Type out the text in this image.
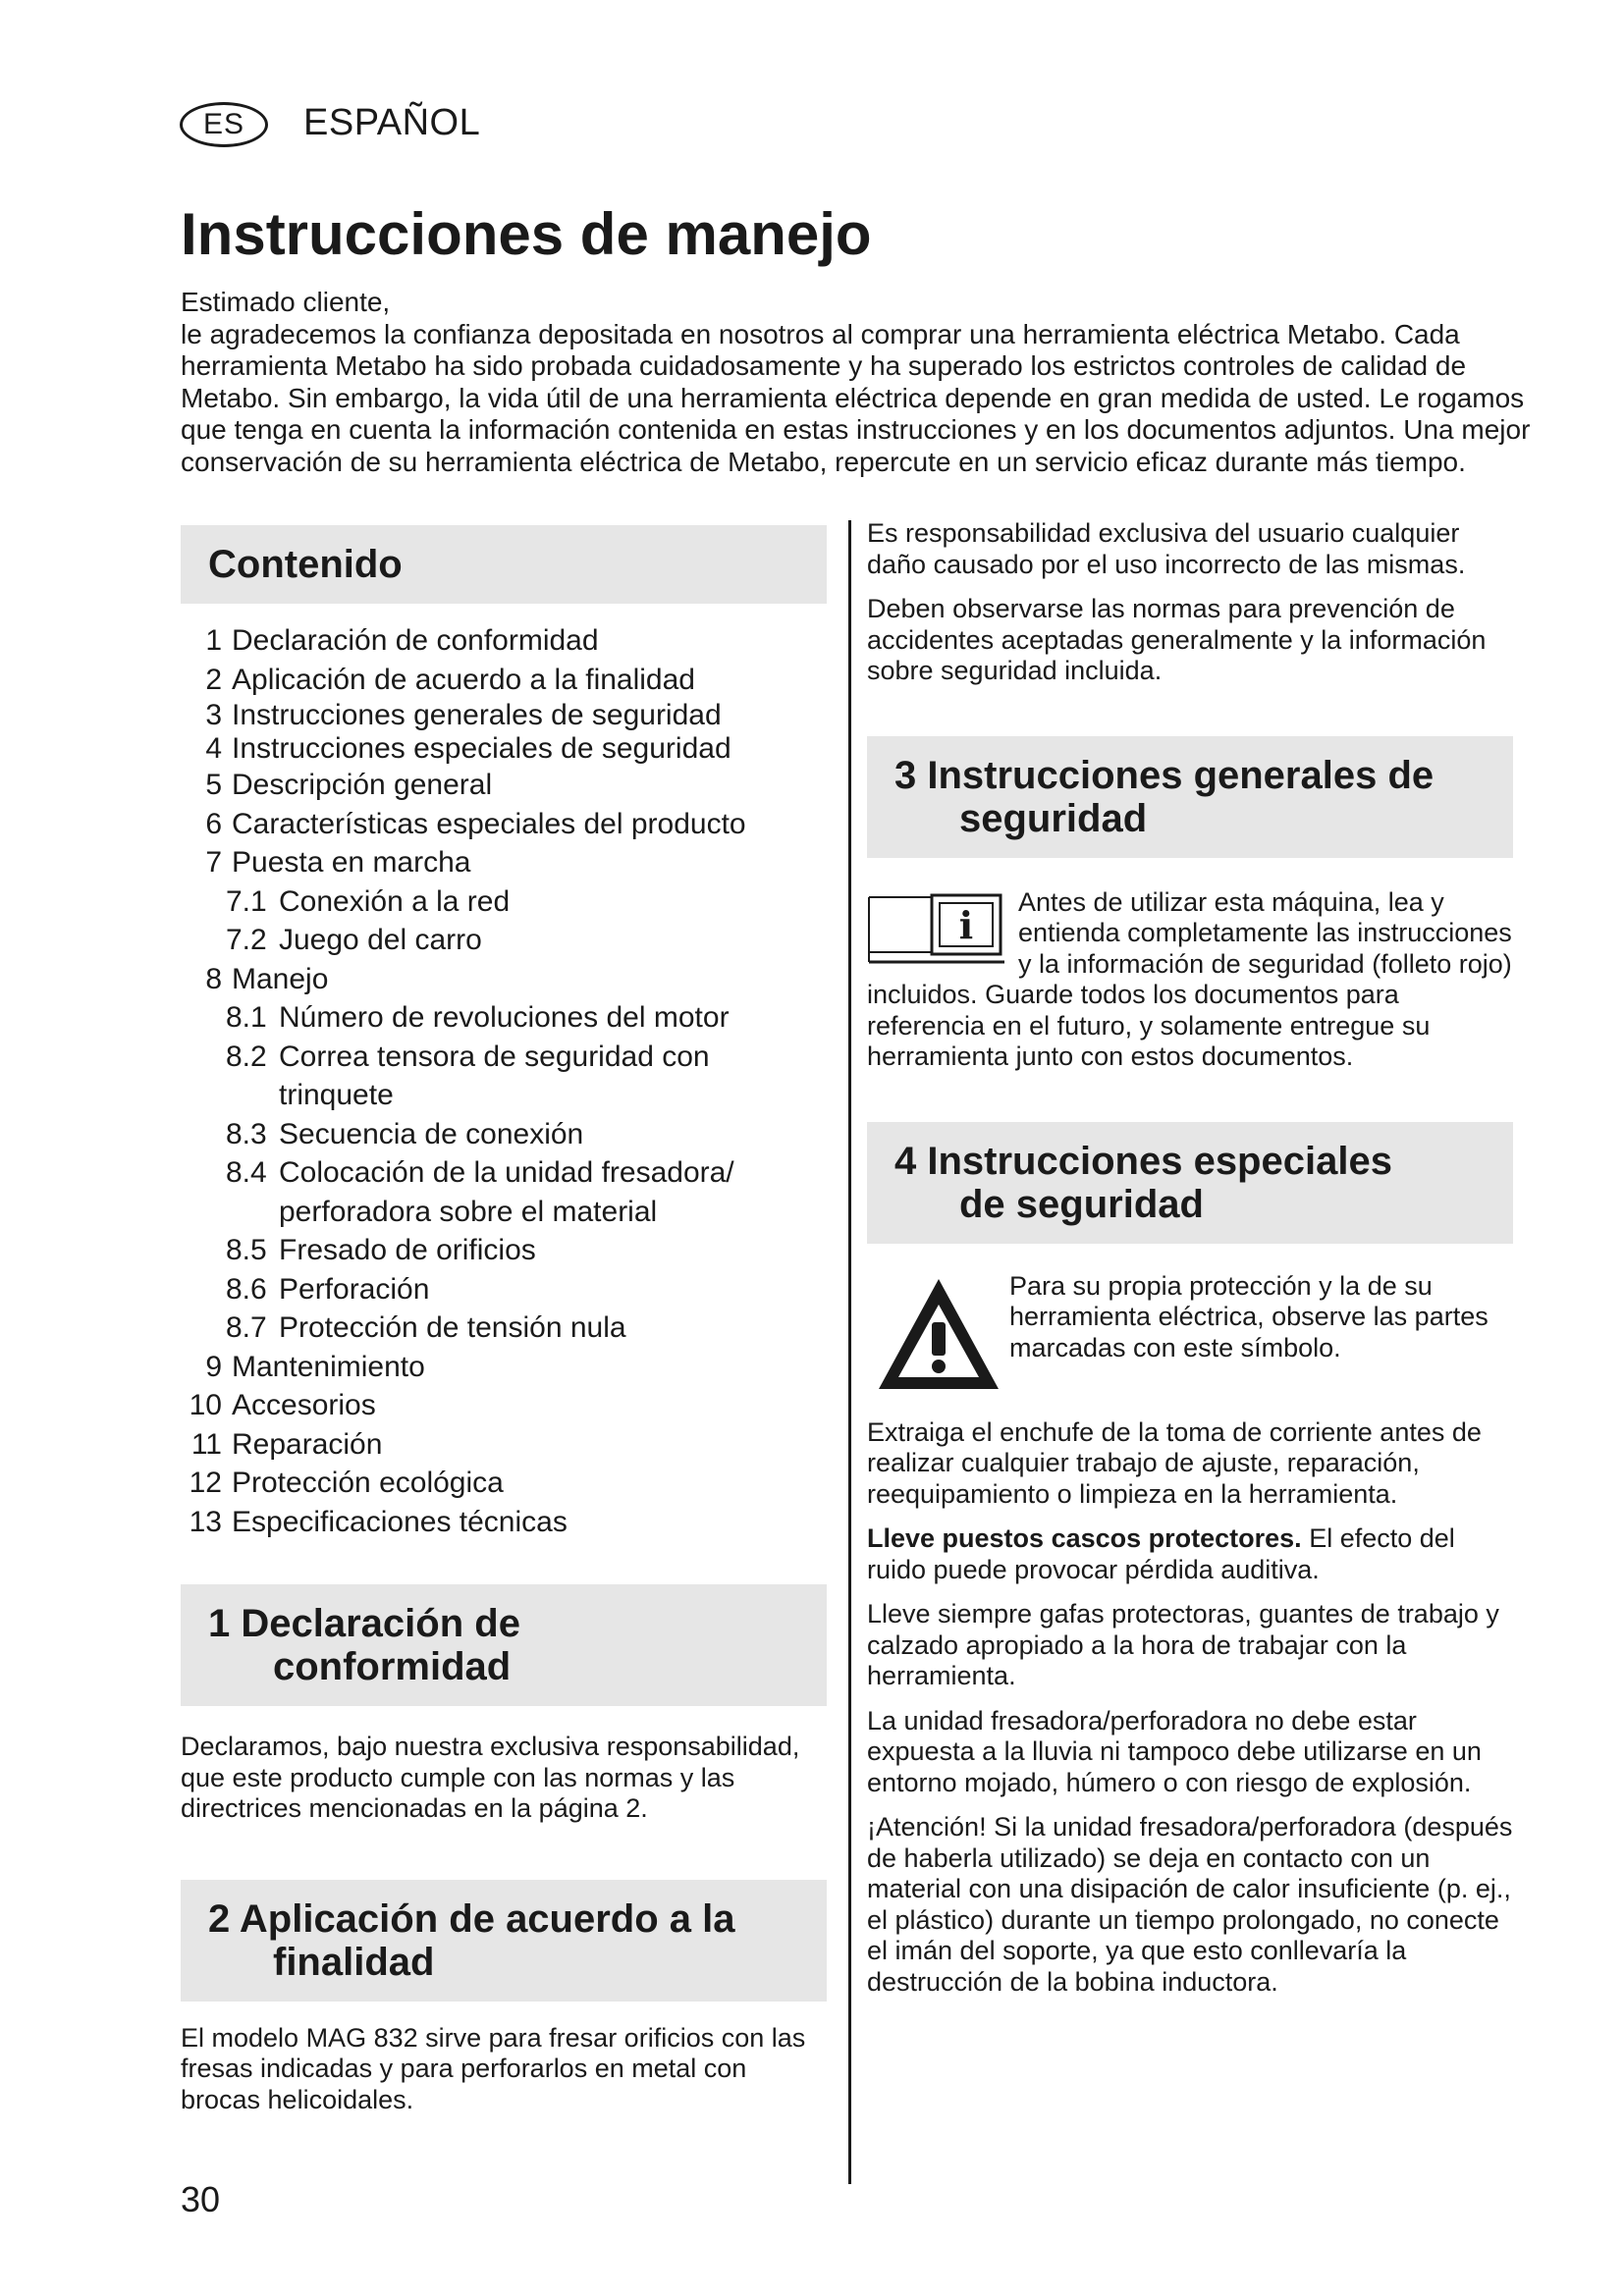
ES	ESPAÑOL
Instrucciones de manejo
Estimado cliente,
le agradecemos la confianza depositada en nosotros al comprar una herramienta eléctrica Metabo. Cada herramienta Metabo ha sido probada cuidadosamente y ha superado los estrictos controles de calidad de Metabo. Sin embargo, la vida útil de una herramienta eléctrica depende en gran medida de usted. Le rogamos que tenga en cuenta la información contenida en estas instrucciones y en los documentos adjuntos. Una mejor conservación de su herramienta eléctrica de Metabo, repercute en un servicio eficaz durante más tiempo.
Contenido
1 Declaración de conformidad
2 Aplicación de acuerdo a la finalidad
3 Instrucciones generales de seguridad
4 Instrucciones especiales de seguridad
5 Descripción general
6 Características especiales del producto
7 Puesta en marcha
7.1 Conexión a la red
7.2 Juego del carro
8 Manejo
8.1 Número de revoluciones del motor
8.2 Correa tensora de seguridad con trinquete
8.3 Secuencia de conexión
8.4 Colocación de la unidad fresadora/ perforadora sobre el material
8.5 Fresado de orificios
8.6 Perforación
8.7 Protección de tensión nula
9 Mantenimiento
10 Accesorios
11 Reparación
12 Protección ecológica
13 Especificaciones técnicas
1 Declaración de
conformidad

Declaramos, bajo nuestra exclusiva responsabilidad, que este producto cumple con las normas y las directrices mencionadas en la página 2.

2 Aplicación de acuerdo a la
finalidad

El modelo MAG 832 sirve para fresar orificios con las fresas indicadas y para perforarlos en metal con brocas helicoidales.

Es responsabilidad exclusiva del usuario cualquier daño causado por el uso incorrecto de las mismas.

Deben observarse las normas para prevención de accidentes aceptadas generalmente y la información sobre seguridad incluida.

3 Instrucciones generales de
seguridad
i
Antes de utilizar esta máquina, lea y entienda completamente las instrucciones y la información de seguridad (folleto rojo) incluidos. Guarde todos los documentos para referencia en el futuro, y solamente entregue su herramienta junto con estos documentos.
4 Instrucciones especiales
de seguridad
Para su propia protección y la de su herramienta eléctrica, observe las partes marcadas con este símbolo.

Extraiga el enchufe de la toma de corriente antes de realizar cualquier trabajo de ajuste, reparación, reequipamiento o limpieza en la herramienta.

Lleve puestos cascos protectores. El efecto del ruido puede provocar pérdida auditiva.

Lleve siempre gafas protectoras, guantes de trabajo y calzado apropiado a la hora de trabajar con la herramienta.

La unidad fresadora/perforadora no debe estar expuesta a la lluvia ni tampoco debe utilizarse en un entorno mojado, húmero o con riesgo de explosión.

¡Atención! Si la unidad fresadora/perforadora (después de haberla utilizado) se deja en contacto con un material con una disipación de calor insuficiente (p. ej., el plástico) durante un tiempo prolongado, no conecte el imán del soporte, ya que esto conllevaría la destrucción de la bobina inductora.

30
